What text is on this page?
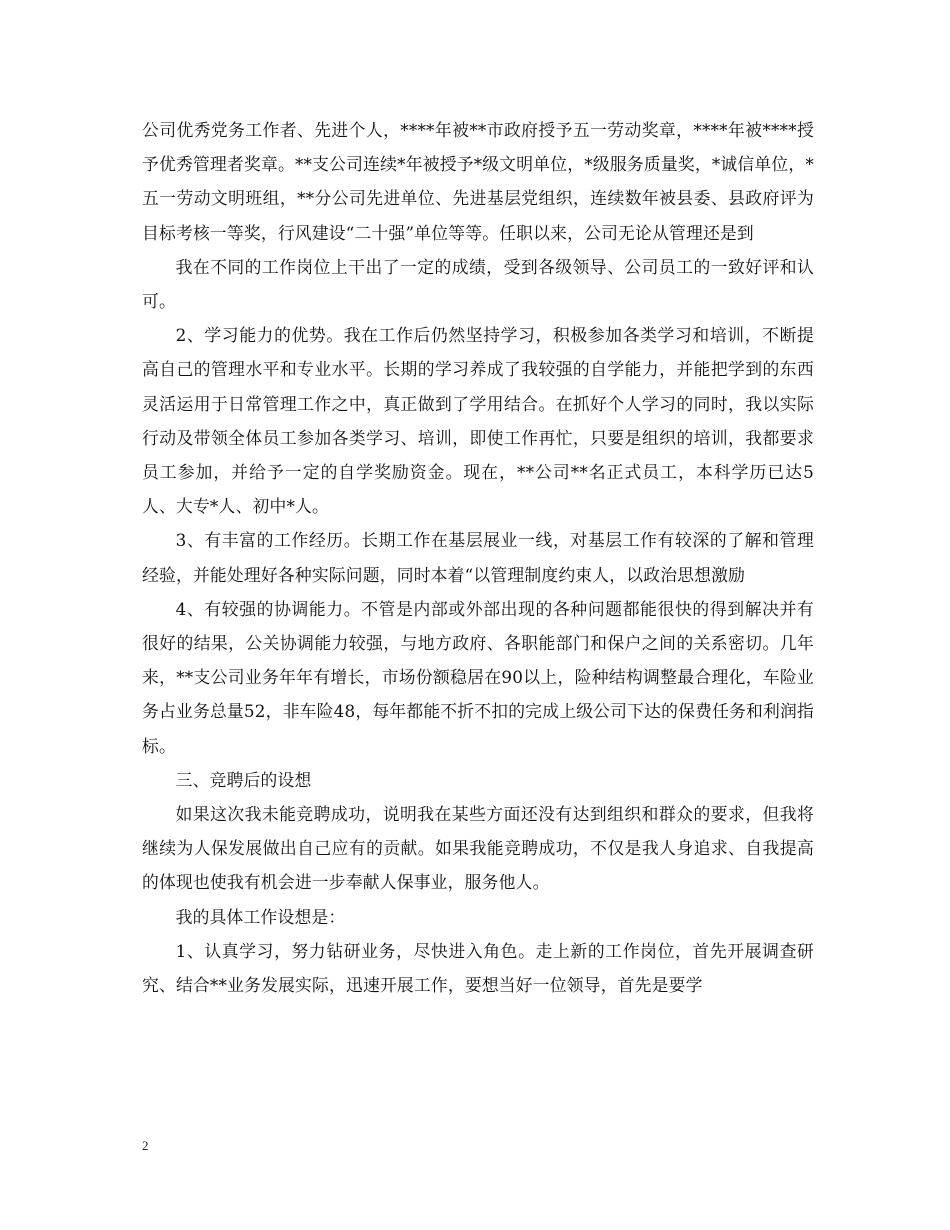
公司优秀党务工作者、先进个人，****年被**市政府授予五一劳动奖章，****年被****授予优秀管理者奖章。**支公司连续*年被授予*级文明单位，*级服务质量奖，*诚信单位，*五一劳动文明班组，**分公司先进单位、先进基层党组织，连续数年被县委、县政府评为目标考核一等奖，行风建设“二十强”单位等等。任职以来，公司无论从管理还是到

我在不同的工作岗位上干出了一定的成绩，受到各级领导、公司员工的一致好评和认可。

2、学习能力的优势。我在工作后仍然坚持学习，积极参加各类学习和培训，不断提高自己的管理水平和专业水平。长期的学习养成了我较强的自学能力，并能把学到的东西灵活运用于日常管理工作之中，真正做到了学用结合。在抓好个人学习的同时，我以实际行动及带领全体员工参加各类学习、培训，即使工作再忙，只要是组织的培训，我都要求员工参加，并给予一定的自学奖励资金。现在，**公司**名正式员工，本科学历已达5人、大专*人、初中*人。

3、有丰富的工作经历。长期工作在基层展业一线，对基层工作有较深的了解和管理经验，并能处理好各种实际问题，同时本着“以管理制度约束人，以政治思想激励

4、有较强的协调能力。不管是内部或外部出现的各种问题都能很快的得到解决并有很好的结果，公关协调能力较强，与地方政府、各职能部门和保户之间的关系密切。几年来，**支公司业务年年有增长，市场份额稳居在90以上，险种结构调整最合理化，车险业务占业务总量52，非车险48，每年都能不折不扣的完成上级公司下达的保费任务和利润指标。

三、竞聘后的设想

如果这次我未能竞聘成功，说明我在某些方面还没有达到组织和群众的要求，但我将继续为人保发展做出自己应有的贡献。如果我能竞聘成功，不仅是我人身追求、自我提高的体现也使我有机会进一步奉献人保事业，服务他人。

我的具体工作设想是：

1、认真学习，努力钻研业务，尽快进入角色。走上新的工作岗位，首先开展调查研究、结合**业务发展实际，迅速开展工作，要想当好一位领导，首先是要学

2
